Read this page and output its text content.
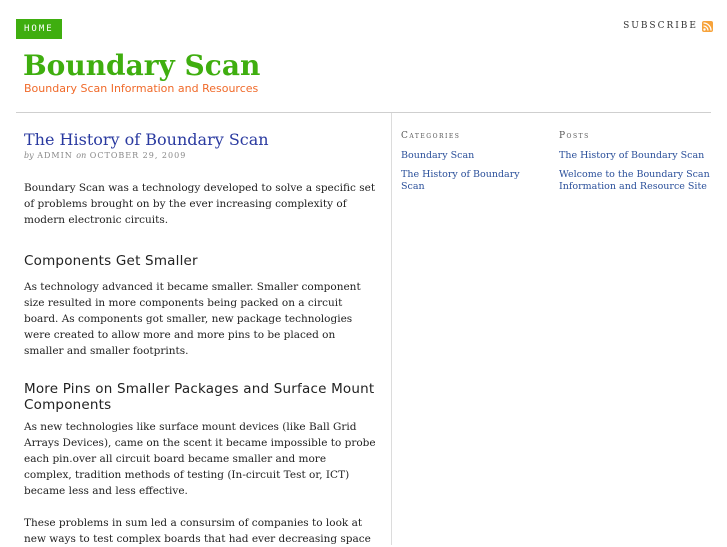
HOME	SUBSCRIBE
Boundary Scan
Boundary Scan Information and Resources
The History of Boundary Scan
by ADMIN on OCTOBER 29, 2009

Boundary Scan was a technology developed to solve a specific set of problems brought on by the ever increasing complexity of modern electronic circuits.

Components Get Smaller

As technology advanced it became smaller. Smaller component size resulted in more components being packed on a circuit board. As components got smaller, new package technologies were created to allow more and more pins to be placed on smaller and smaller footprints.

More Pins on Smaller Packages and Surface Mount Components

As new technologies like surface mount devices (like Ball Grid Arrays Devices), came on the scent it became impossible to probe each pin.over all circuit board became smaller and more complex, tradition methods of testing (In-circuit Test or, ICT) became less and less effective.

These problems in sum led a consursim of companies to look at new ways to test complex boards that had ever decreasing space

Categories
Boundary Scan
The History of Boundary Scan
Posts
The History of Boundary Scan
Welcome to the Boundary Scan Information and Resource Site
